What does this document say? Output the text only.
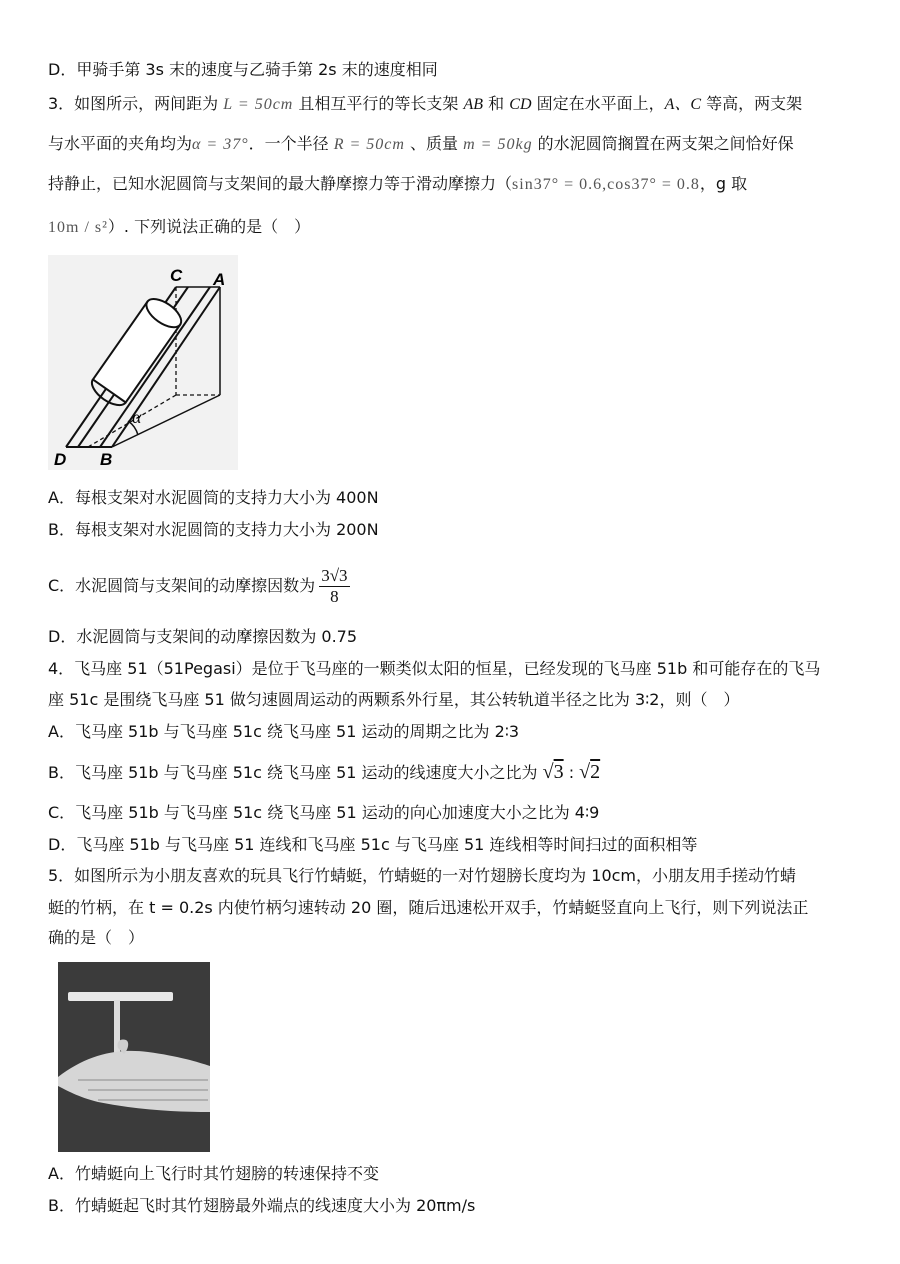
D．甲骑手第 3s 末的速度与乙骑手第 2s 末的速度相同
3．如图所示，两间距为 L = 50cm 且相互平行的等长支架 AB 和 CD 固定在水平面上，A、C 等高，两支架
与水平面的夹角均为α = 37°．一个半径 R = 50cm 、质量 m = 50kg 的水泥圆筒搁置在两支架之间恰好保
持静止，已知水泥圆筒与支架间的最大静摩擦力等于滑动摩擦力（sin37° = 0.6,cos37° = 0.8，g 取
10m / s²）. 下列说法正确的是（　）
α
C A
D B
A．每根支架对水泥圆筒的支持力大小为 400N
B．每根支架对水泥圆筒的支持力大小为 200N
C．水泥圆筒与支架间的动摩擦因数为 $\frac{3√3}{8}$
D．水泥圆筒与支架间的动摩擦因数为 0.75
4．飞马座 51（51Pegasi）是位于飞马座的一颗类似太阳的恒星，已经发现的飞马座 51b 和可能存在的飞马
座 51c 是围绕飞马座 51 做匀速圆周运动的两颗系外行星，其公转轨道半径之比为 3∶2，则（　）
A．飞马座 51b 与飞马座 51c 绕飞马座 51 运动的周期之比为 2∶3
B．飞马座 51b 与飞马座 51c 绕飞马座 51 运动的线速度大小之比为 √3 : √2
C．飞马座 51b 与飞马座 51c 绕飞马座 51 运动的向心加速度大小之比为 4∶9
D．飞马座 51b 与飞马座 51 连线和飞马座 51c 与飞马座 51 连线相等时间扫过的面积相等
5．如图所示为小朋友喜欢的玩具飞行竹蜻蜓，竹蜻蜓的一对竹翅膀长度均为 10cm，小朋友用手搓动竹蜻
蜓的竹柄，在 t = 0.2s 内使竹柄匀速转动 20 圈，随后迅速松开双手，竹蜻蜓竖直向上飞行，则下列说法正
确的是（　）
A．竹蜻蜓向上飞行时其竹翅膀的转速保持不变
B．竹蜻蜓起飞时其竹翅膀最外端点的线速度大小为 20πm/s
